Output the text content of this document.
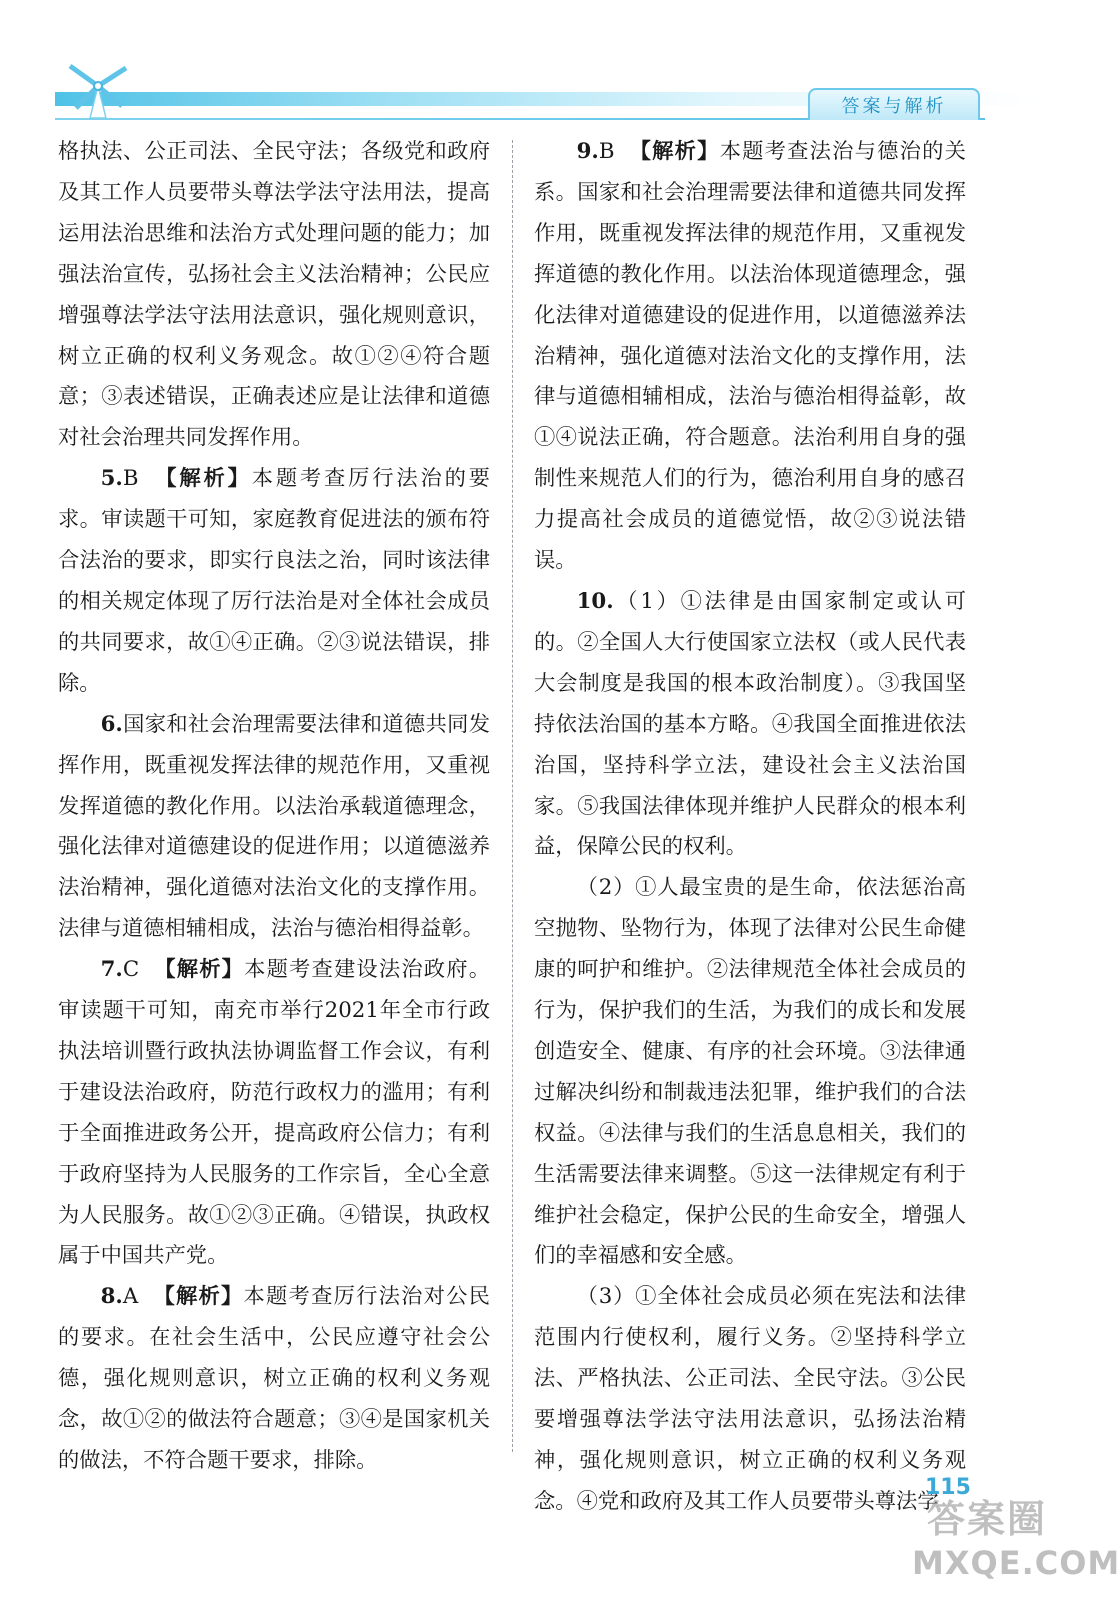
答案与解析

格执法、公正司法、全民守法；各级党和政府及其工作人员要带头尊法学法守法用法，提高运用法治思维和法治方式处理问题的能力；加强法治宣传，弘扬社会主义法治精神；公民应增强尊法学法守法用法意识，强化规则意识，树立正确的权利义务观念。故①②④符合题意；③表述错误，正确表述应是让法律和道德对社会治理共同发挥作用。

5.B 【解析】本题考查厉行法治的要求。审读题干可知，家庭教育促进法的颁布符合法治的要求，即实行良法之治，同时该法律的相关规定体现了厉行法治是对全体社会成员的共同要求，故①④正确。②③说法错误，排除。

6.国家和社会治理需要法律和道德共同发挥作用，既重视发挥法律的规范作用，又重视发挥道德的教化作用。以法治承载道德理念，强化法律对道德建设的促进作用；以道德滋养法治精神，强化道德对法治文化的支撑作用。法律与道德相辅相成，法治与德治相得益彰。

7.C 【解析】本题考查建设法治政府。审读题干可知，南充市举行2021年全市行政执法培训暨行政执法协调监督工作会议，有利于建设法治政府，防范行政权力的滥用；有利于全面推进政务公开，提高政府公信力；有利于政府坚持为人民服务的工作宗旨，全心全意为人民服务。故①②③正确。④错误，执政权属于中国共产党。

8.A 【解析】本题考查厉行法治对公民的要求。在社会生活中，公民应遵守社会公德，强化规则意识，树立正确的权利义务观念，故①②的做法符合题意；③④是国家机关的做法，不符合题干要求，排除。

9.B 【解析】本题考查法治与德治的关系。国家和社会治理需要法律和道德共同发挥作用，既重视发挥法律的规范作用，又重视发挥道德的教化作用。以法治体现道德理念，强化法律对道德建设的促进作用，以道德滋养法治精神，强化道德对法治文化的支撑作用，法律与道德相辅相成，法治与德治相得益彰，故①④说法正确，符合题意。法治利用自身的强制性来规范人们的行为，德治利用自身的感召力提高社会成员的道德觉悟，故②③说法错误。

10.（1）①法律是由国家制定或认可的。②全国人大行使国家立法权（或人民代表大会制度是我国的根本政治制度）。③我国坚持依法治国的基本方略。④我国全面推进依法治国，坚持科学立法，建设社会主义法治国家。⑤我国法律体现并维护人民群众的根本利益，保障公民的权利。

（2）①人最宝贵的是生命，依法惩治高空抛物、坠物行为，体现了法律对公民生命健康的呵护和维护。②法律规范全体社会成员的行为，保护我们的生活，为我们的成长和发展创造安全、健康、有序的社会环境。③法律通过解决纠纷和制裁违法犯罪，维护我们的合法权益。④法律与我们的生活息息相关，我们的生活需要法律来调整。⑤这一法律规定有利于维护社会稳定，保护公民的生命安全，增强人们的幸福感和安全感。

（3）①全体社会成员必须在宪法和法律范围内行使权利，履行义务。②坚持科学立法、严格执法、公正司法、全民守法。③公民要增强尊法学法守法用法意识，弘扬法治精神，强化规则意识，树立正确的权利义务观念。④党和政府及其工作人员要带头尊法学

115
答案圈
MXQE.COM
